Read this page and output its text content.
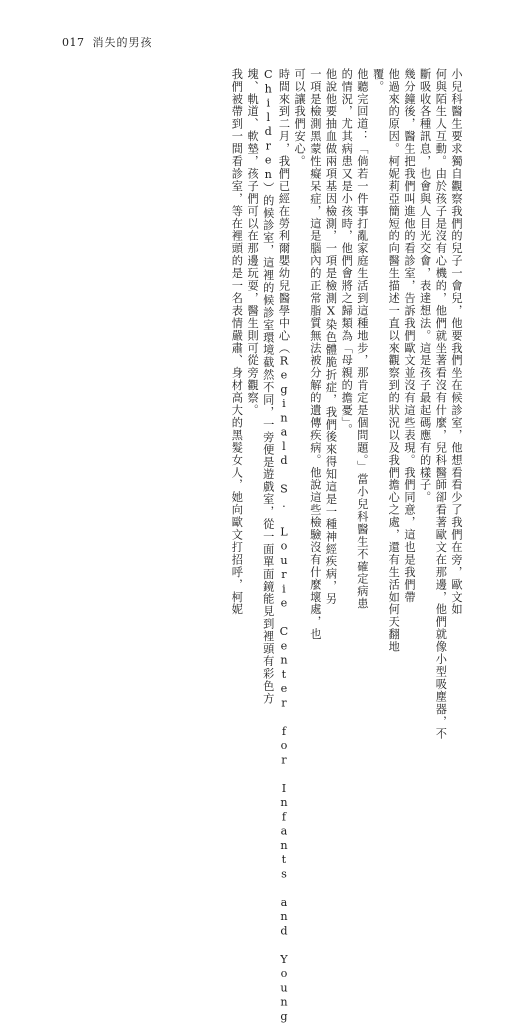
017 消失的男孩
小兒科醫生要求獨自觀察我們的兒子一會兒，他要我們坐在候診室，他想看看少了我們在旁，歐文如
何與陌生人互動。由於孩子是沒有心機的，他們就坐著看沒有什麼，兒科醫師卻看著歐文在那邊，他們就像小型吸塵器，不
斷吸收各種訊息，也會與人目光交會，表達想法。這是孩子最起碼應有的樣子。
幾分鐘後，醫生把我們叫進他的看診室，告訴我們歐文並沒有這些表現。我們同意，這也是我們帶
他過來的原因。柯妮莉亞簡短的向醫生描述一直以來觀察到的狀況以及我們擔心之處，還有生活如何天翻地
覆。
他聽完回道：「倘若一件事打亂家庭生活到這種地步，那肯定是個問題。」當小兒科醫生不確定病患
的情況，尤其病患又是小孩時，他們會將之歸類為「母親的擔憂」。
他說他要抽血做兩項基因檢測，一項是檢測X染色體脆折症，我們後來得知這是一種神經疾病，另
一項是檢測黑蒙性癡呆症，這是腦內的正常脂質無法被分解的遺傳疾病。他說這些檢驗沒有什麼壞處，也
可以讓我們安心。
時間來到二月，我們已經在勞利爾嬰幼兒醫學中心（Reginald S. Lourie Center for Infants and Young
Children）的候診室，這裡的候診室環境截然不同，一旁便是遊戲室，從一面單面鏡能見到裡頭有彩色方
塊、軌道、軟墊，孩子們可以在那邊玩耍，醫生則可從旁觀察。
我們被帶到一間看診室，等在裡頭的是一名表情嚴肅、身材高大的黑髮女人，她向歐文打招呼，柯妮
